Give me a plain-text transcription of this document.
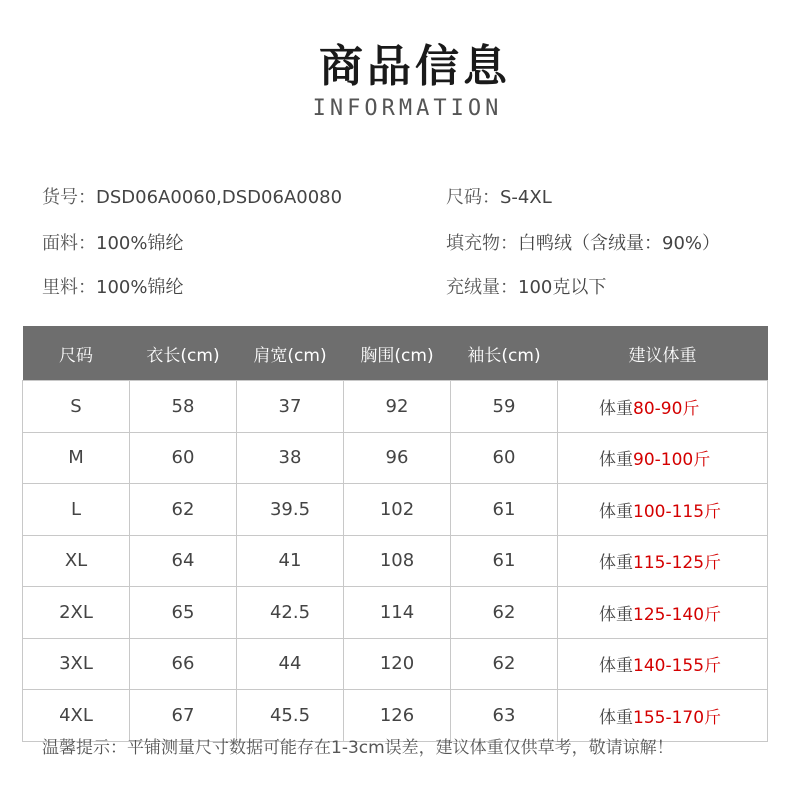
商品信息
INFORMATION
货号：DSD06A0060,DSD06A0080	尺码：S-4XL
面料：100%锦纶	填充物：白鸭绒（含绒量：90%）
里料：100%锦纶	充绒量：100克以下
尺码	衣长(cm)	肩宽(cm)	胸围(cm)	袖长(cm)	建议体重
S	58	37	92	59	体重80-90斤
M	60	38	96	60	体重90-100斤
L	62	39.5	102	61	体重100-115斤
XL	64	41	108	61	体重115-125斤
2XL	65	42.5	114	62	体重125-140斤
3XL	66	44	120	62	体重140-155斤
4XL	67	45.5	126	63	体重155-170斤
温馨提示：平铺测量尺寸数据可能存在1-3cm误差，建议体重仅供草考，敬请谅解！
